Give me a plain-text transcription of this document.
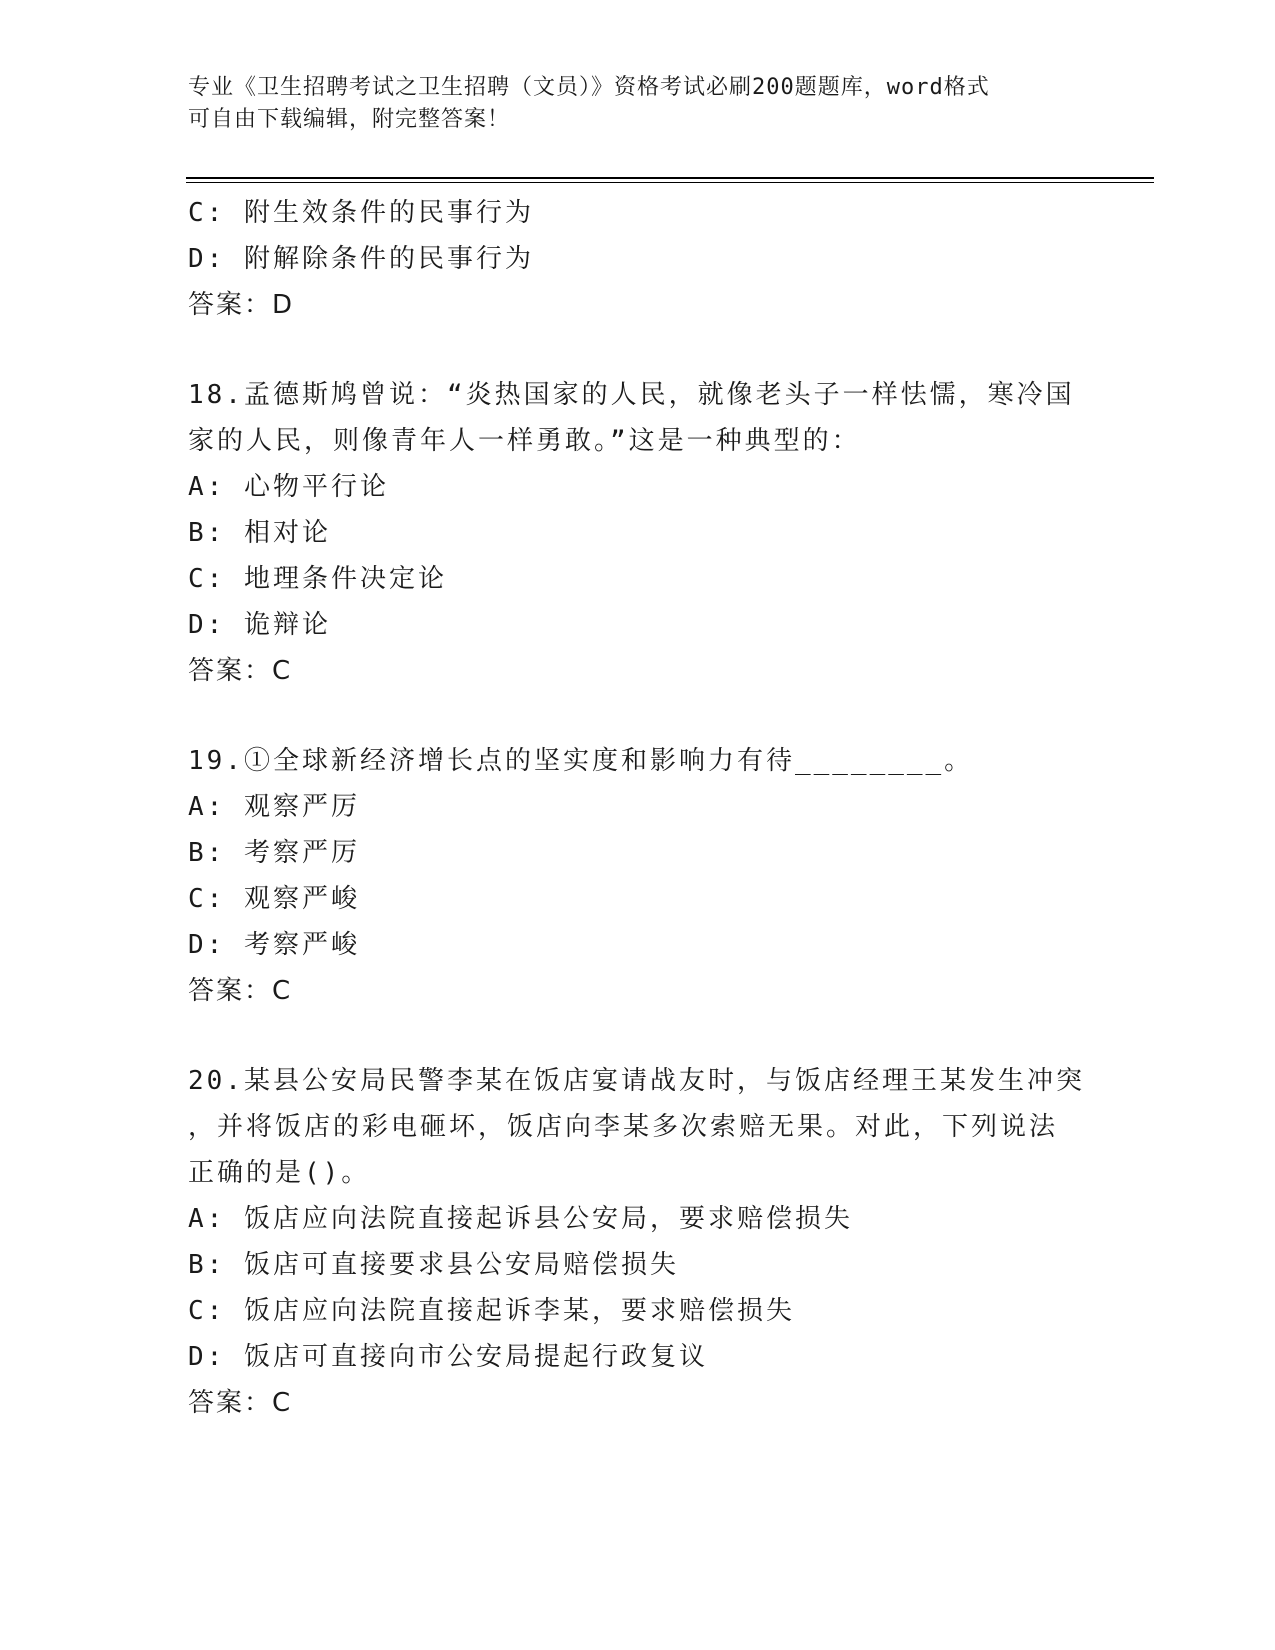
专业《卫生招聘考试之卫生招聘（文员）》资格考试必刷200题题库，word格式
可自由下载编辑，附完整答案！
C: 附生效条件的民事行为
D: 附解除条件的民事行为
答案：D
18.孟德斯鸠曾说：“炎热国家的人民，就像老头子一样怯懦，寒冷国
家的人民，则像青年人一样勇敢。”这是一种典型的：
A: 心物平行论
B: 相对论
C: 地理条件决定论
D: 诡辩论
答案：C
19.①全球新经济增长点的坚实度和影响力有待________。
A: 观察严厉
B: 考察严厉
C: 观察严峻
D: 考察严峻
答案：C
20.某县公安局民警李某在饭店宴请战友时，与饭店经理王某发生冲突
，并将饭店的彩电砸坏，饭店向李某多次索赔无果。对此，下列说法
正确的是()。
A: 饭店应向法院直接起诉县公安局，要求赔偿损失
B: 饭店可直接要求县公安局赔偿损失
C: 饭店应向法院直接起诉李某，要求赔偿损失
D: 饭店可直接向市公安局提起行政复议
答案：C
